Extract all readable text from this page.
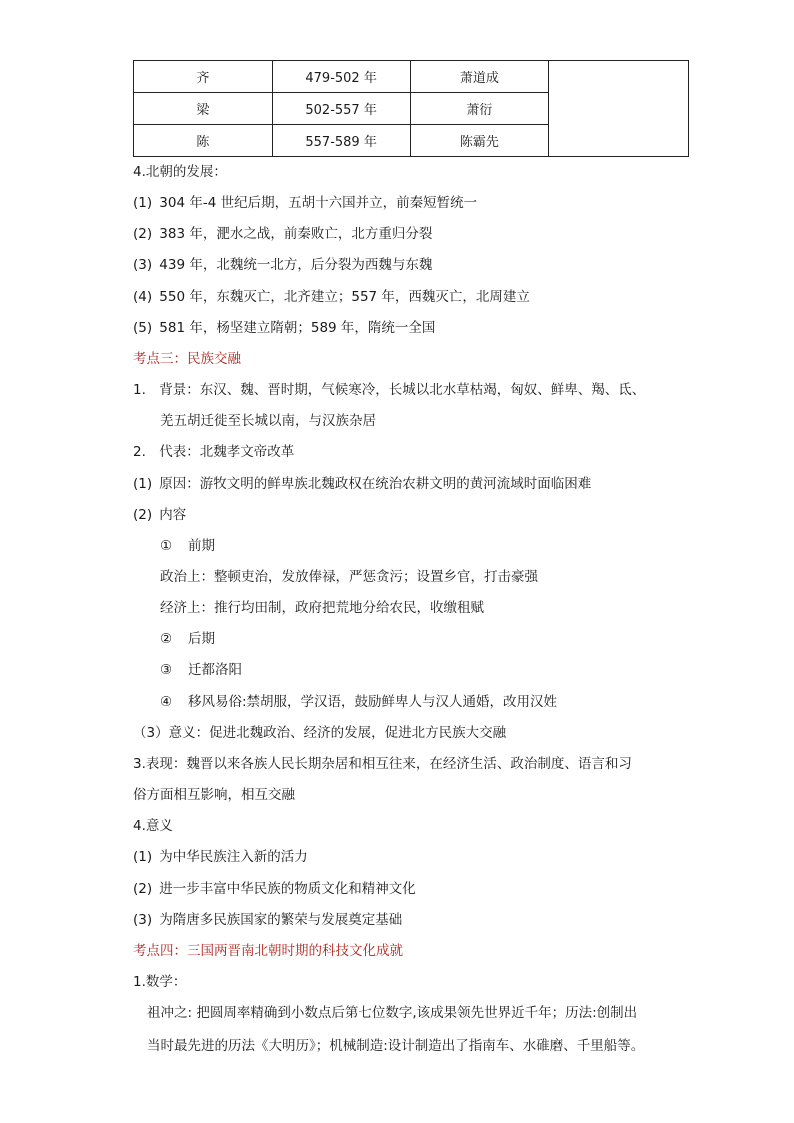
齐	479-502 年	萧道成	
梁	502-557 年	萧衍	
陈	557-589 年	陈霸先	
4.北朝的发展：
(1) 304 年-4 世纪后期，五胡十六国并立，前秦短暂统一
(2) 383 年，淝水之战，前秦败亡，北方重归分裂
(3) 439 年，北魏统一北方，后分裂为西魏与东魏
(4) 550 年，东魏灭亡，北齐建立；557 年，西魏灭亡，北周建立
(5) 581 年，杨坚建立隋朝；589 年，隋统一全国
考点三：民族交融
1. 背景：东汉、魏、晋时期，气候寒冷，长城以北水草枯竭，匈奴、鲜卑、羯、氐、
羌五胡迁徙至长城以南，与汉族杂居
2. 代表：北魏孝文帝改革
(1) 原因：游牧文明的鲜卑族北魏政权在统治农耕文明的黄河流域时面临困难
(2) 内容
① 前期
政治上：整顿吏治，发放俸禄，严惩贪污；设置乡官，打击豪强
经济上：推行均田制，政府把荒地分给农民，收缴租赋
② 后期
③ 迁都洛阳
④ 移风易俗:禁胡服，学汉语，鼓励鲜卑人与汉人通婚，改用汉姓
（3）意义：促进北魏政治、经济的发展，促进北方民族大交融
3.表现：魏晋以来各族人民长期杂居和相互往来，在经济生活、政治制度、语言和习
俗方面相互影响，相互交融
4.意义
(1) 为中华民族注入新的活力
(2) 进一步丰富中华民族的物质文化和精神文化
(3) 为隋唐多民族国家的繁荣与发展奠定基础
考点四：三国两晋南北朝时期的科技文化成就
1.数学：
祖冲之: 把圆周率精确到小数点后第七位数字,该成果领先世界近千年；历法:创制出
当时最先进的历法《大明历》；机械制造:设计制造出了指南车、水碓磨、千里船等。
